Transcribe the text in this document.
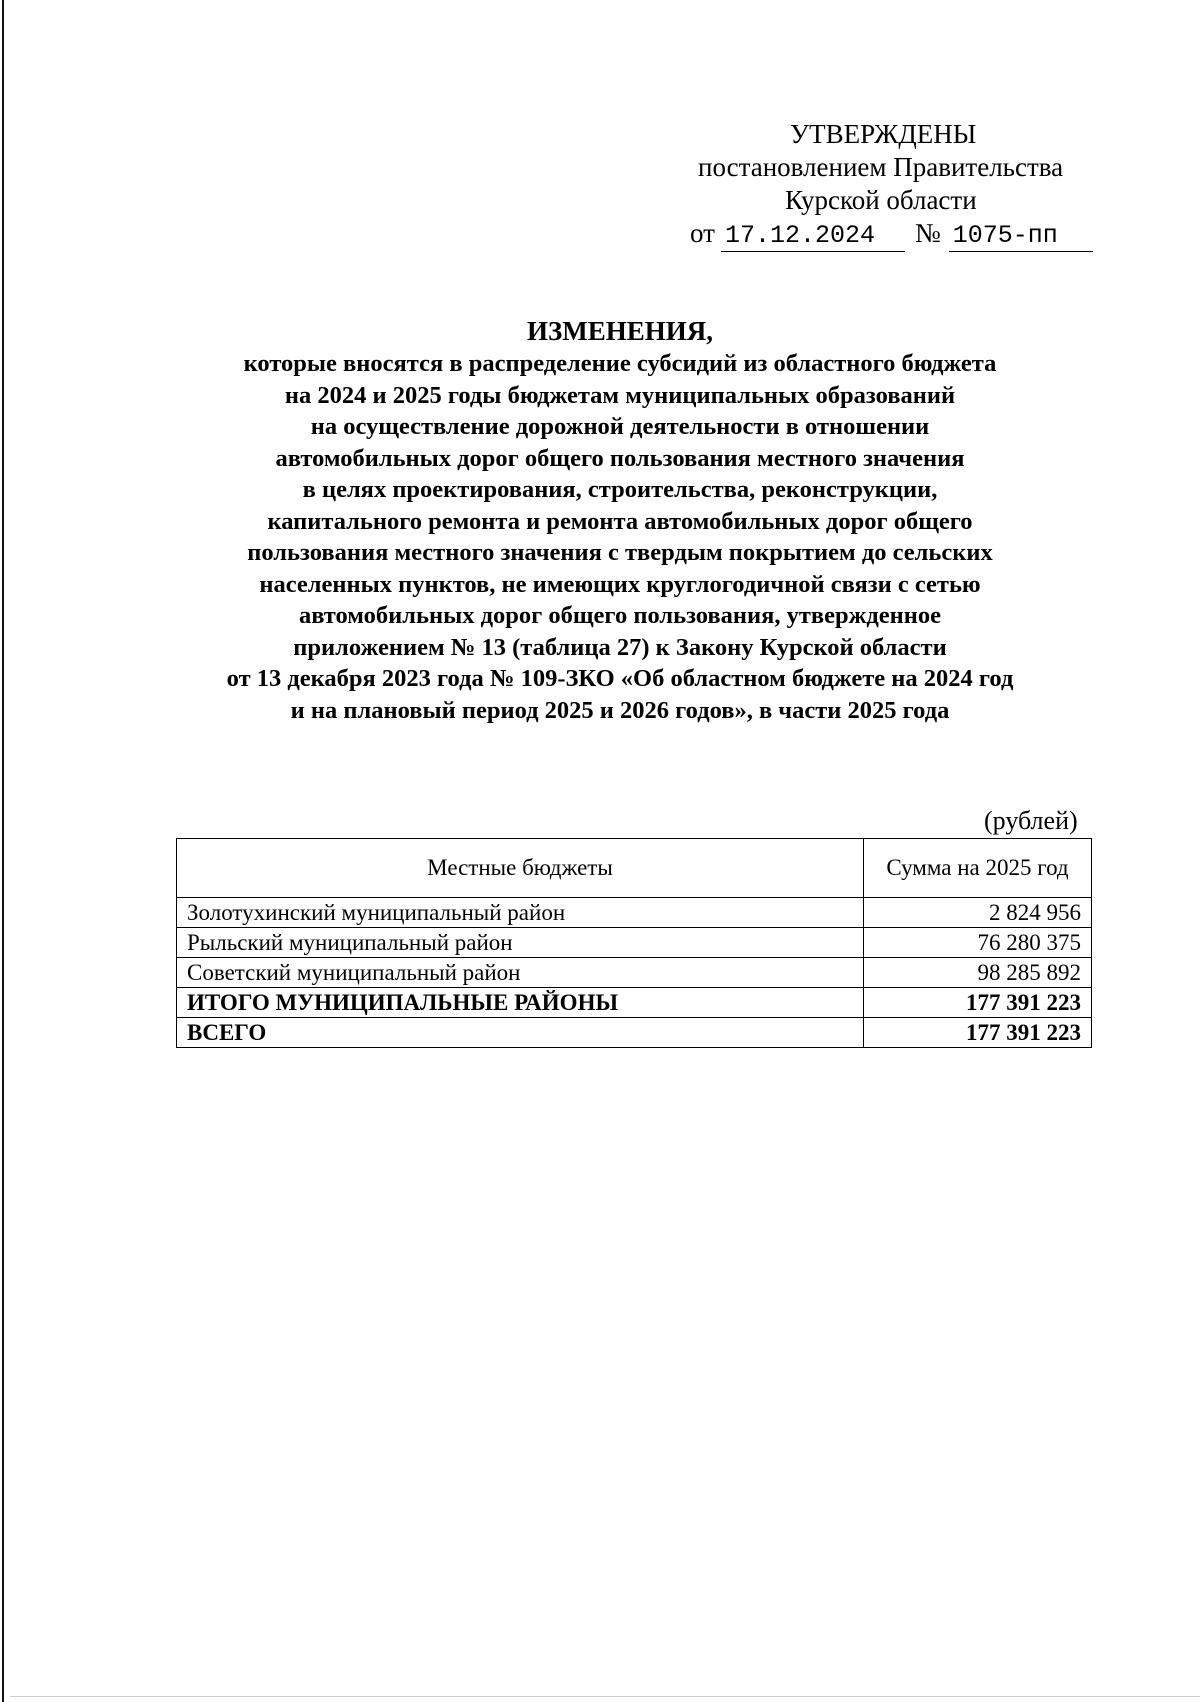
УТВЕРЖДЕНЫ
постановлением Правительства
Курской области
от 17.12.2024 № 1075-пп
ИЗМЕНЕНИЯ,
которые вносятся в распределение субсидий из областного бюджета
на 2024 и 2025 годы бюджетам муниципальных образований
на осуществление дорожной деятельности в отношении
автомобильных дорог общего пользования местного значения
в целях проектирования, строительства, реконструкции,
капитального ремонта и ремонта автомобильных дорог общего
пользования местного значения с твердым покрытием до сельских
населенных пунктов, не имеющих круглогодичной связи с сетью
автомобильных дорог общего пользования, утвержденное
приложением № 13 (таблица 27) к Закону Курской области
от 13 декабря 2023 года № 109-ЗКО «Об областном бюджете на 2024 год
и на плановый период 2025 и 2026 годов», в части 2025 года
(рублей)
Местные бюджеты	Сумма на 2025 год
Золотухинский муниципальный район	2 824 956
Рыльский муниципальный район	76 280 375
Советский муниципальный район	98 285 892
ИТОГО МУНИЦИПАЛЬНЫЕ РАЙОНЫ	177 391 223
ВСЕГО	177 391 223
